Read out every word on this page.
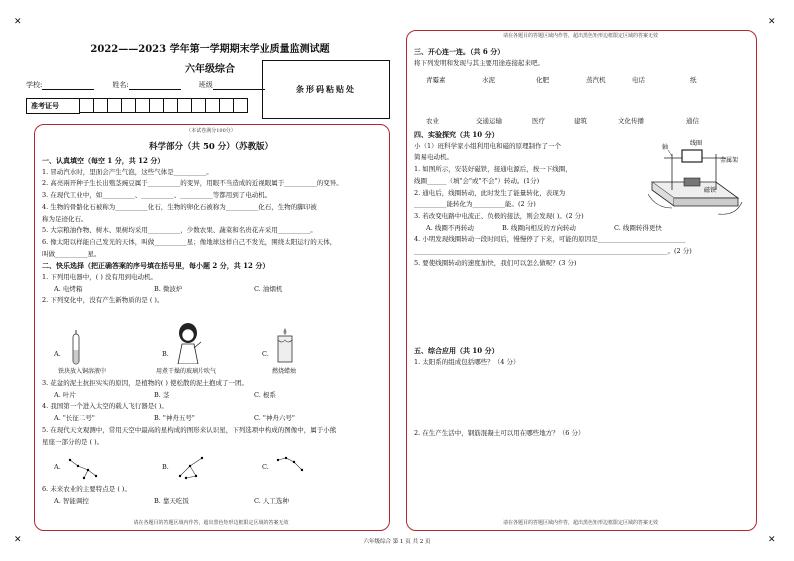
✕	✕
✕	✕
2022——2023 学年第一学期期末学业质量监测试题
六年级综合
条形码粘贴处
学校:	姓名:	班级
准考证号
（本试卷满分100分）
科学部分（共 50 分）（苏教版）

一、认真填空（每空 1 分，共 12 分）

1. 冒动汽水时，里面会产生气泡，这些气体是__________。

2. 高亮兩开种子生长出殖茎豌豆属于__________的变异，用眼不当造成的近视眼属于__________的变异。

3. 在现代工业中，如__________、__________、__________等都用到了电动机。

4. 生物的骨骼化石被称为__________化石，生物的卵化石被称为__________化石，生物的脚印被

称为足迹化石。

5. 大宗粮油作物、树木、果树均采用__________，少数农果、蔬菜和名贵花卉采用__________。

6. 像太阳以样能自己发光的天体，叫做__________星；像地球这样自己不发光，围绕太阳运行的天体，

叫做__________星。

二、快乐选择（把正确答案的序号填在括号里，每小题 2 分，共 12 分）

1. 下列用电器中，( ) 没有用到电动机。

A. 电烤箱	B. 微波炉	C. 油烟机

2. 下列变化中，没有产生新物质的是 ( )。

A.	B.	C.
铁块放入铜溶液中	用煮干燥的玻璃片吹气	燃烧蜡烛

3. 花盆的泥土抗拒实实的原因，是植物的( ) 使松散的泥土抱成了一团。

A. 叶片	B. 茎	C. 根系

4. 我国第一个进入太空的载人飞行器是( )。

A. "长征二号"	B. "神舟五号"	C. "神舟六号"

5. 在现代天文观测中，常用天空中最高的星构成的图形来认识星，下列选项中构成的图像中，属于小熊

星座一部分的是 ( )。

A.	B.	C.

6. 未来农业的主要特点是 ( )。

A. 智能调控	B. 靠天吃饭	C. 人工选种
请在各题目的答题区域内作答，超出黑色矩形边框限定区域的答案无效
请在各题目的答题区域内作答，超出黑色矩形边框限定区域的答案无效

三、开心连一连。（共 6 分）

将下列发明和发现与其主要用途连接起来吧。

青霉素	水泥	化肥	蒸汽机	电话	纸
农业	交通运输	医疗	建筑	文化传播	通信

四、实验探究（共 10 分）

小（1）班科学家小组利用电和磁的原理制作了一个

简易电动机。

1. 如图所示，安装好磁铁，接通电源后，按一下线圈，

线圈______（填"会"或"不会"）转动。(1分)

2. 通电后，线圈转动，此时发生了能量转化，表现为

__________能转化为__________能。(2 分)

3. 若改变电路中电流正、负极的接法，则会发现( )。(2 分)

A. 线圈不再转动	B. 线圈向相反的方向转动	C. 线圈转得更快

4. 小明发现线圈转动一段时间后，慢慢停了下来，可能的原因是___________________________

______________________________________________________________________________。(2 分)

5. 要使线圈转动的速度加快，我们可以怎么做呢？(3 分)

轴
线圈
金属架
磁铁

五、综合应用（共 10 分）

1. 太阳系的组成包括哪些？（4 分）

2. 在生产生活中，钢筋混凝土可以用在哪些地方？（6 分）
请在各题目的答题区域内作答，超出黑色矩形边框限定区域的答案无效
六年级综合 第 1 页 共 2 页
